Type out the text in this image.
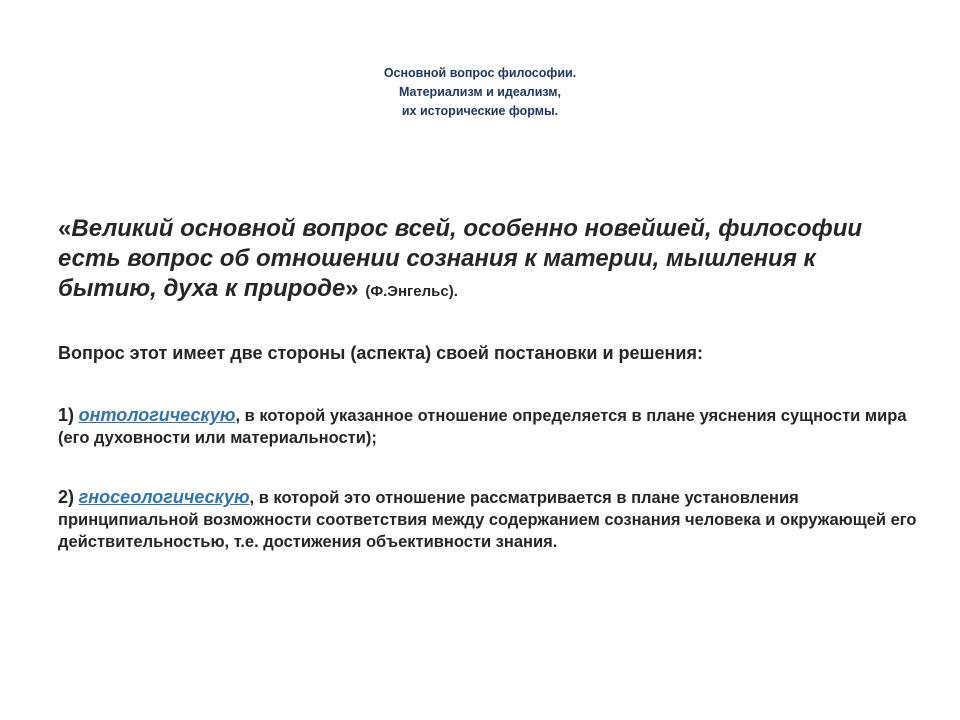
Основной вопрос философии.
Материализм и идеализм,
их исторические формы.
«Великий основной вопрос всей, особенно новейшей, философии есть вопрос об отношении сознания к материи, мышления к бытию, духа к природе» (Ф.Энгельс).
Вопрос этот имеет две стороны (аспекта) своей постановки и решения:
1) онтологическую, в которой указанное отношение определяется в плане уяснения сущности мира (его духовности или материальности);
2) гносеологическую, в которой это отношение рассматривается в плане установления принципиальной возможности соответствия между содержанием сознания человека и окружающей его действительностью, т.е. достижения объективности знания.
